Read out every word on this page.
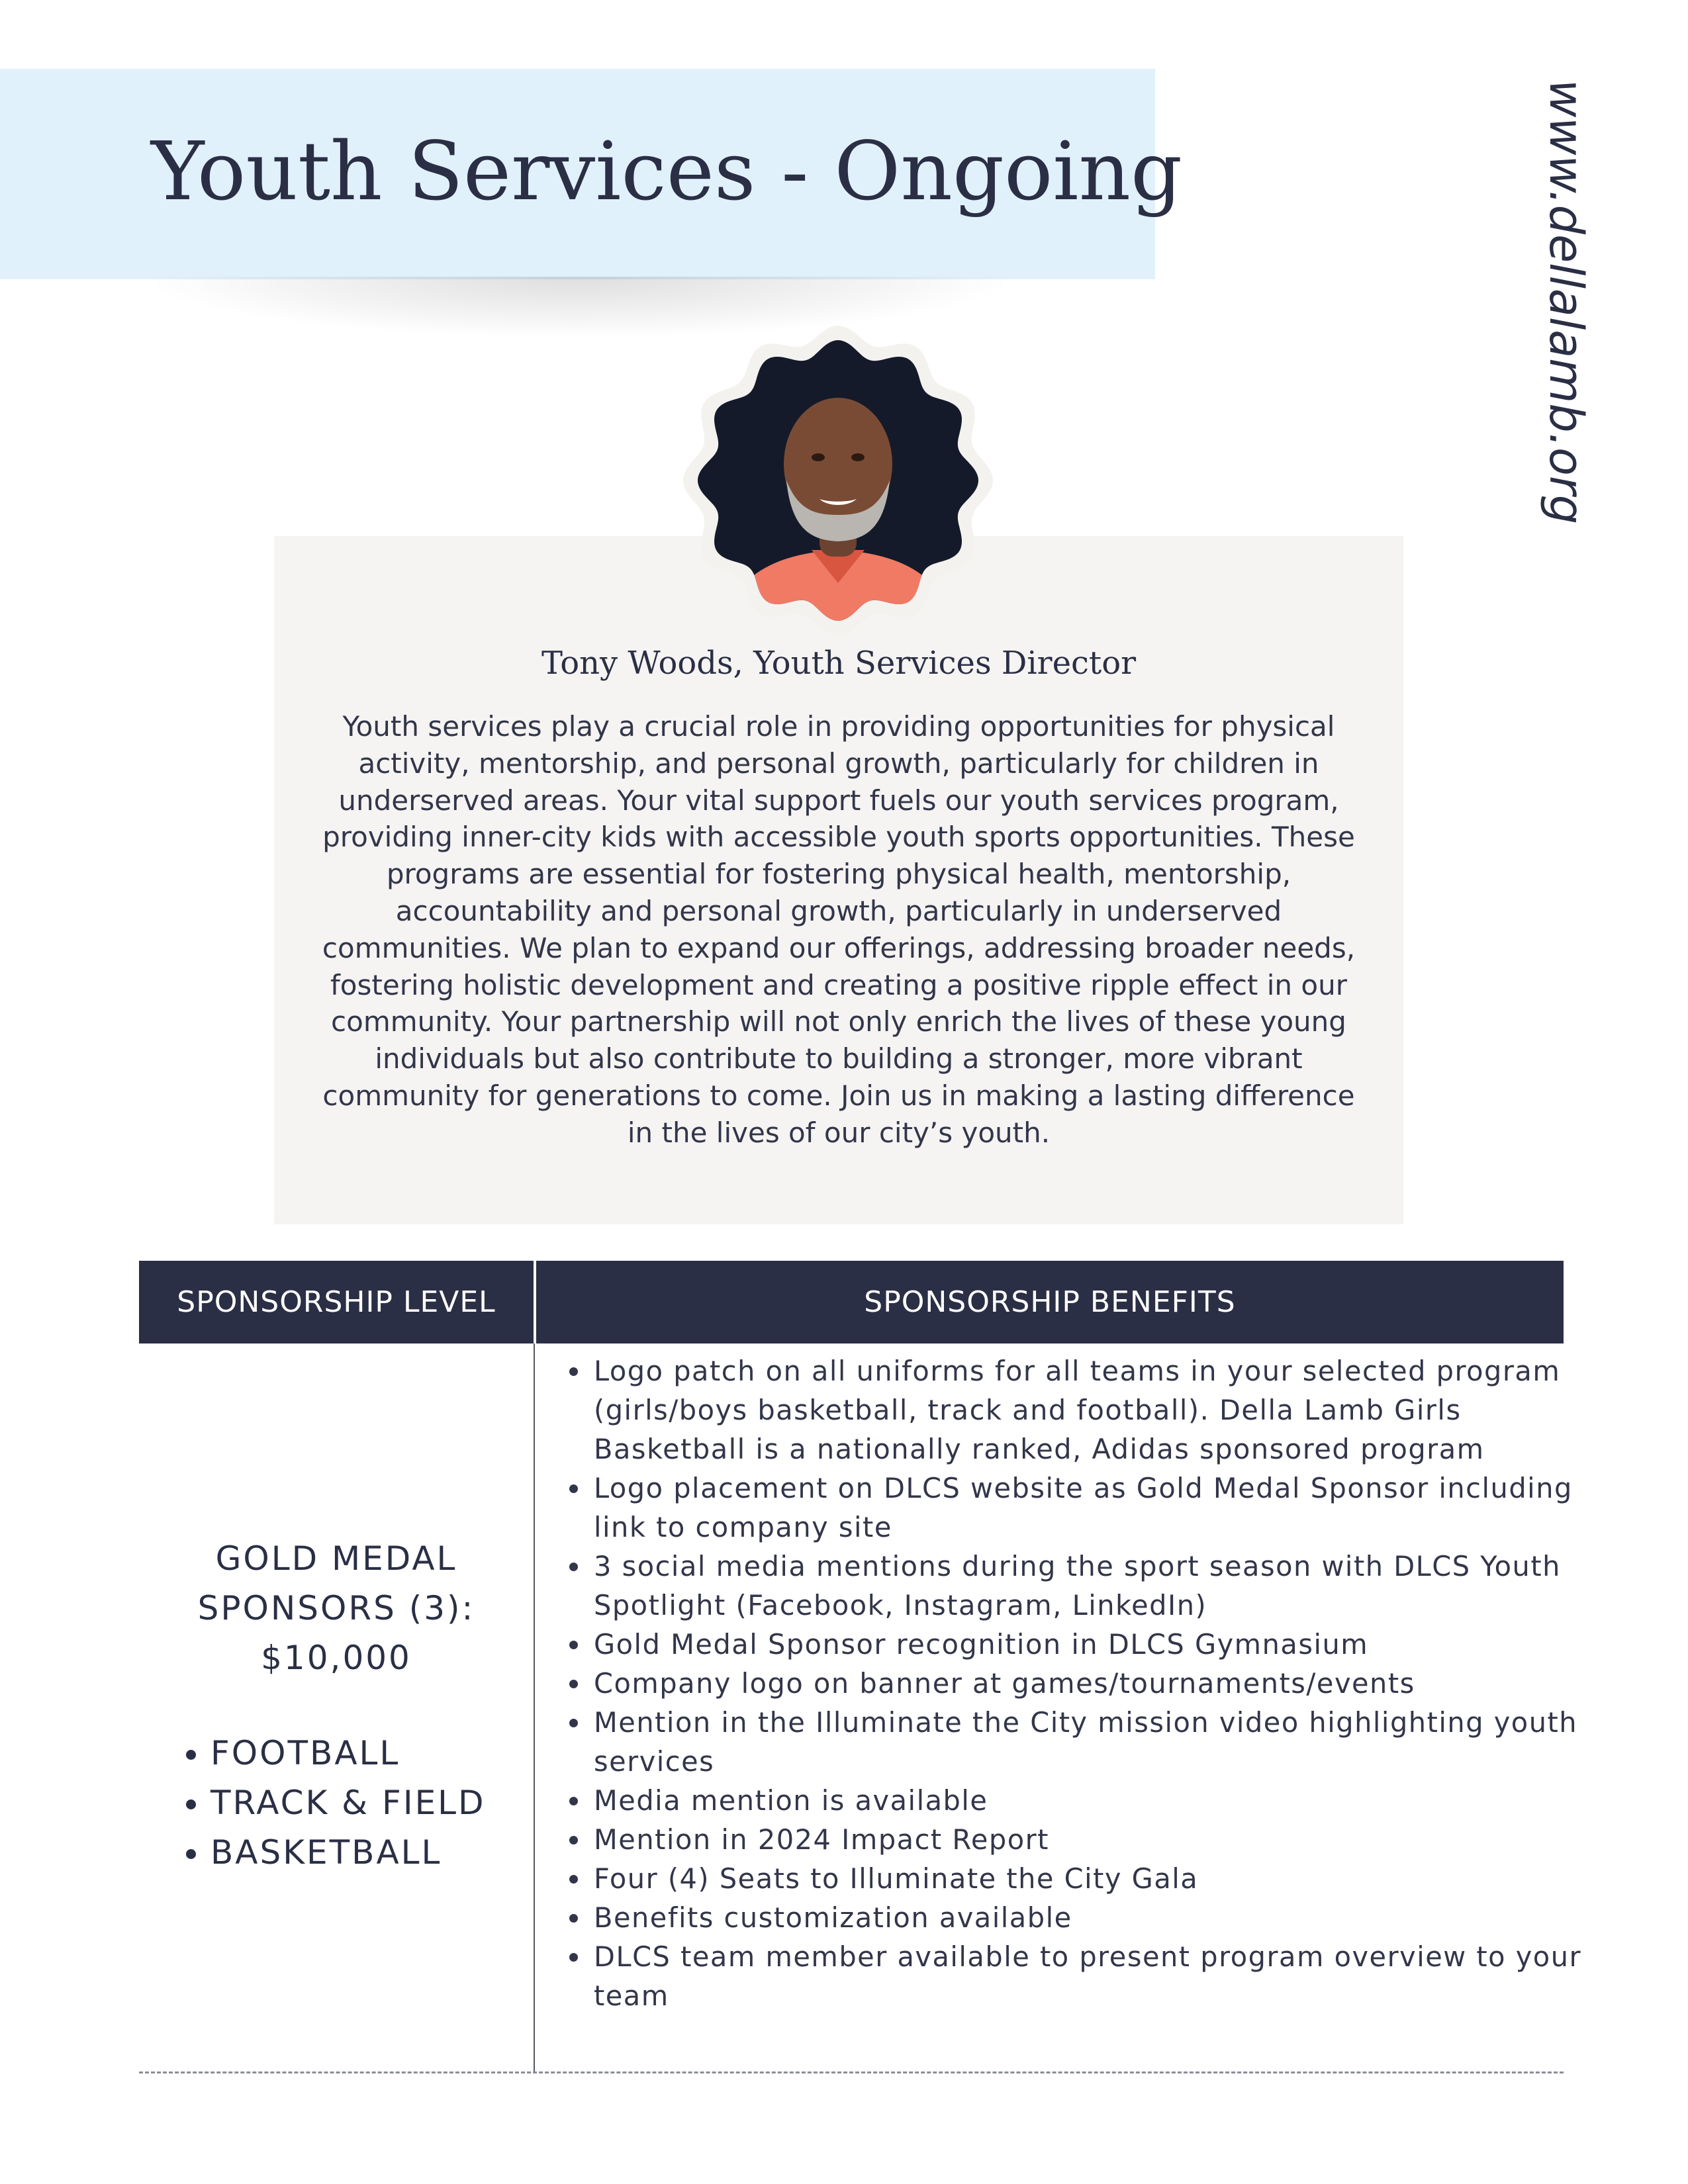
Youth Services - Ongoing	www.dellalamb.org
Tony Woods, Youth Services Director

Youth services play a crucial role in providing opportunities for physical activity, mentorship, and personal growth, particularly for children in underserved areas. Your vital support fuels our youth services program, providing inner-city kids with accessible youth sports opportunities. These programs are essential for fostering physical health, mentorship, accountability and personal growth, particularly in underserved communities. We plan to expand our offerings, addressing broader needs, fostering holistic development and creating a positive ripple effect in our community. Your partnership will not only enrich the lives of these young individuals but also contribute to building a stronger, more vibrant community for generations to come. Join us in making a lasting difference in the lives of our city’s youth.

SPONSORSHIP LEVEL	SPONSORSHIP BENEFITS
GOLD MEDAL
SPONSORS (3):
$10,000
• FOOTBALL
• TRACK & FIELD
• BASKETBALL
• Logo patch on all uniforms for all teams in your selected program (girls/boys basketball, track and football). Della Lamb Girls Basketball is a nationally ranked, Adidas sponsored program
• Logo placement on DLCS website as Gold Medal Sponsor including link to company site
• 3 social media mentions during the sport season with DLCS Youth Spotlight (Facebook, Instagram, LinkedIn)
• Gold Medal Sponsor recognition in DLCS Gymnasium
• Company logo on banner at games/tournaments/events
• Mention in the Illuminate the City mission video highlighting youth services
• Media mention is available
• Mention in 2024 Impact Report
• Four (4) Seats to Illuminate the City Gala
• Benefits customization available
• DLCS team member available to present program overview to your team
